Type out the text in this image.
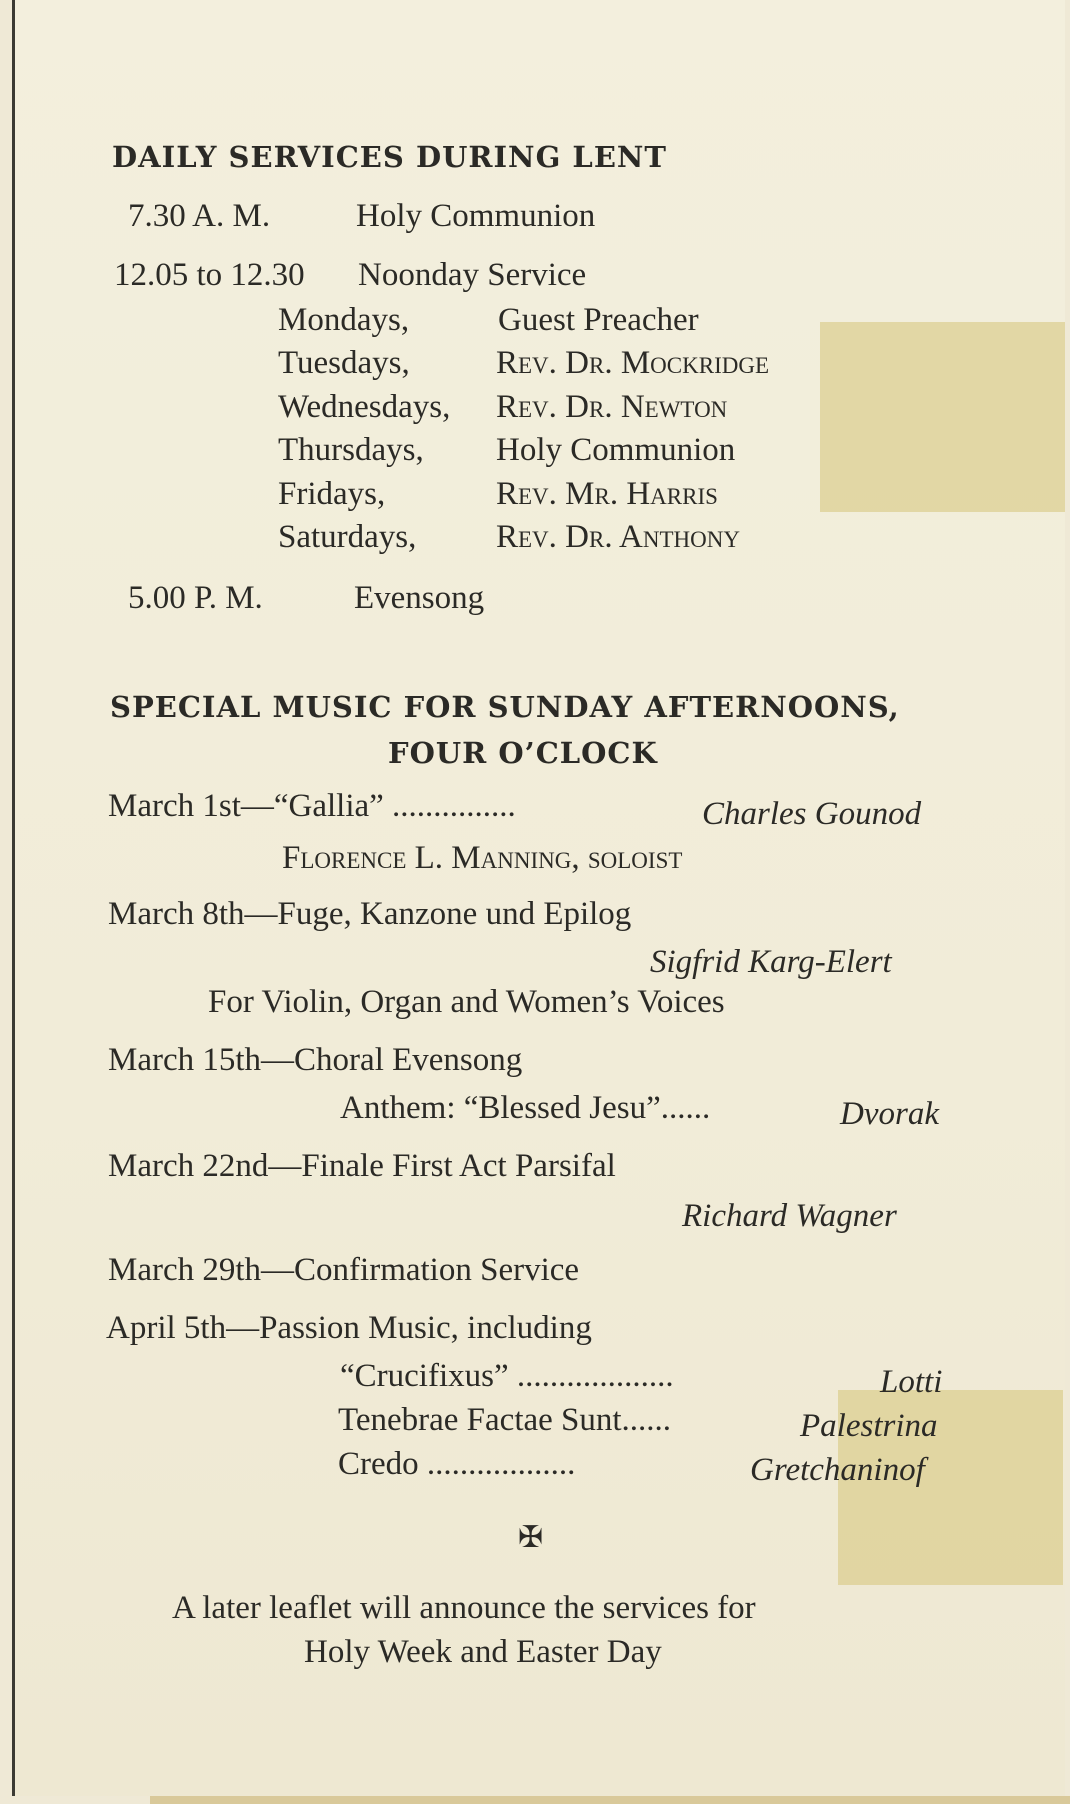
DAILY SERVICES DURING LENT
7.30 A. M.	Holy Communion
12.05 to 12.30 Noonday Service
Mondays,	Guest Preacher
Tuesdays,	Rev. Dr. Mockridge
Wednesdays, Rev. Dr. Newton
Thursdays, Holy Communion
Fridays,	Rev. Mr. Harris
Saturdays, Rev. Dr. Anthony
5.00 P. M.	Evensong
SPECIAL MUSIC FOR SUNDAY AFTERNOONS,
FOUR O’CLOCK
March 1st—“Gallia” ...............	Charles Gounod
Florence L. Manning, soloist
March 8th—Fuge, Kanzone und Epilog
Sigfrid Karg-Elert
For Violin, Organ and Women’s Voices
March 15th—Choral Evensong
Anthem: “Blessed Jesu”......	Dvorak
March 22nd—Finale First Act Parsifal
Richard Wagner
March 29th—Confirmation Service
April 5th—Passion Music, including
“Crucifixus” ...................	Lotti
Tenebrae Factae Sunt......	Palestrina
Credo ..................	Gretchaninof
✠
A later leaflet will announce the services for
Holy Week and Easter Day
